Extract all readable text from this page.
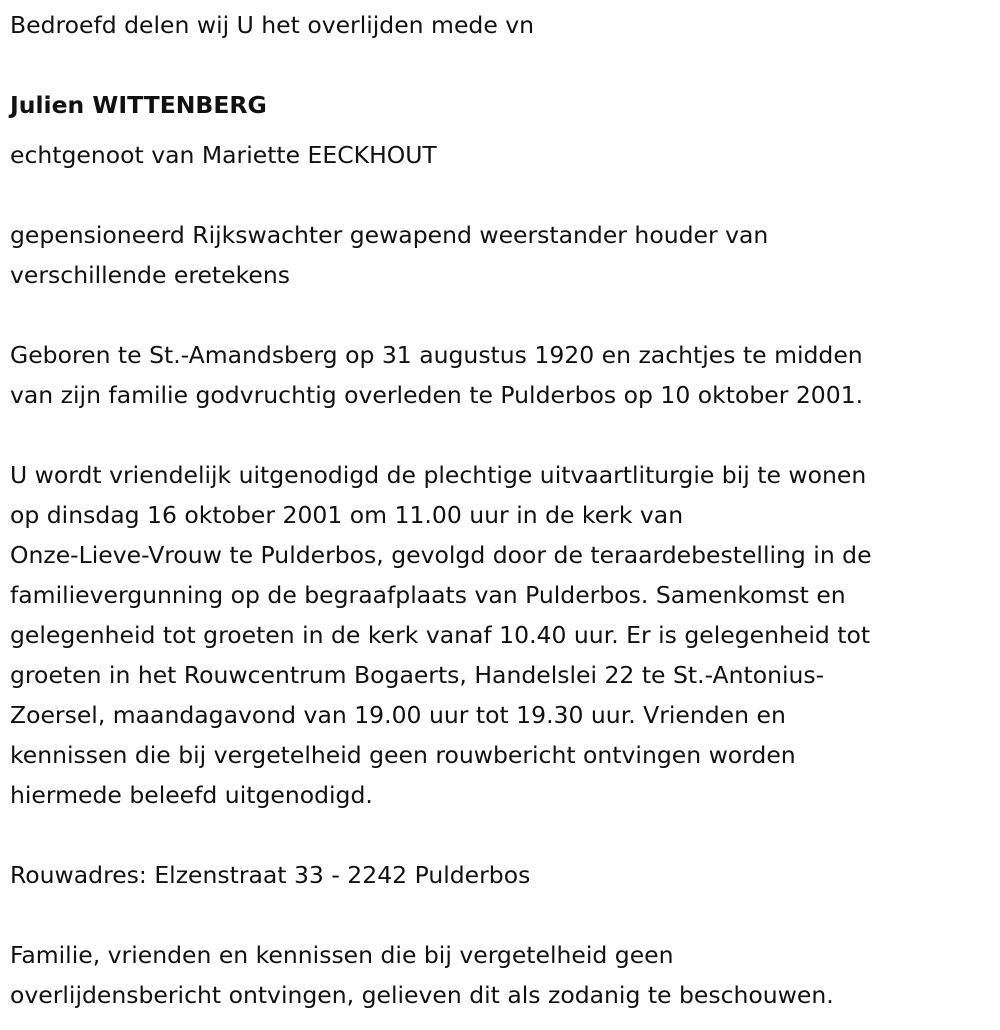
Bedroefd delen wij U het overlijden mede vn
Julien WITTENBERG
echtgenoot van Mariette EECKHOUT
gepensioneerd Rijkswachter gewapend weerstander houder van
verschillende eretekens
Geboren te St.-Amandsberg op 31 augustus 1920 en zachtjes te midden
van zijn familie godvruchtig overleden te Pulderbos op 10 oktober 2001.
U wordt vriendelijk uitgenodigd de plechtige uitvaartliturgie bij te wonen
op dinsdag 16 oktober 2001 om 11.00 uur in de kerk van
Onze-Lieve-Vrouw te Pulderbos, gevolgd door de teraardebestelling in de
familievergunning op de begraafplaats van Pulderbos. Samenkomst en
gelegenheid tot groeten in de kerk vanaf 10.40 uur. Er is gelegenheid tot
groeten in het Rouwcentrum Bogaerts, Handelslei 22 te St.-Antonius-
Zoersel, maandagavond van 19.00 uur tot 19.30 uur. Vrienden en
kennissen die bij vergetelheid geen rouwbericht ontvingen worden
hiermede beleefd uitgenodigd.
Rouwadres: Elzenstraat 33 - 2242 Pulderbos
Familie, vrienden en kennissen die bij vergetelheid geen
overlijdensbericht ontvingen, gelieven dit als zodanig te beschouwen.
